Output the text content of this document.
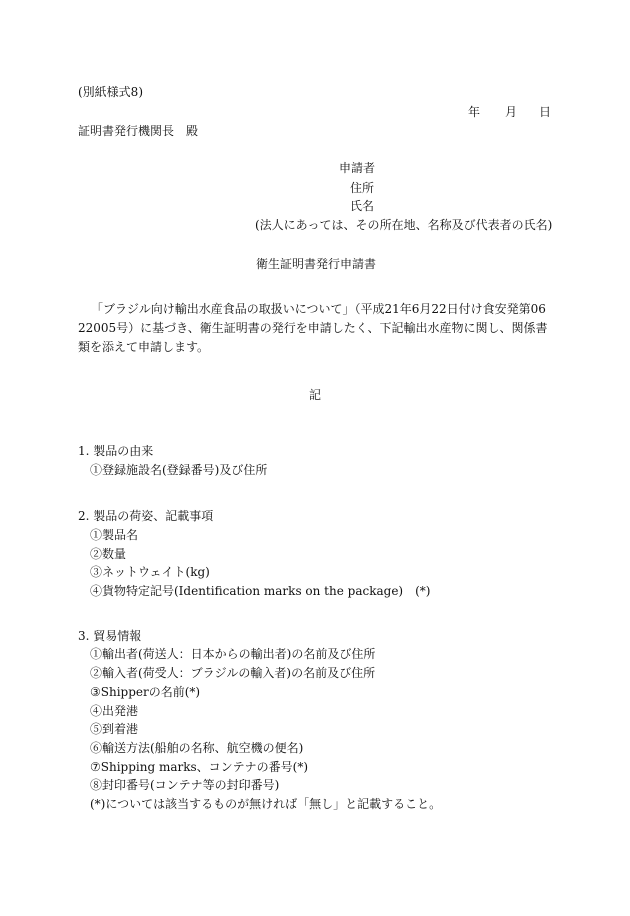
(別紙様式8)
年 月 日
証明書発行機関長　殿
申請者
住所
氏名
(法人にあっては、その所在地、名称及び代表者の氏名)
衛生証明書発行申請書
「ブラジル向け輸出水産食品の取扱いについて」（平成21年6月22日付け食安発第0622005号）に基づき、衛生証明書の発行を申請したく、下記輸出水産物に関し、関係書類を添えて申請します。
記
1. 製品の由来
①登録施設名(登録番号)及び住所
2. 製品の荷姿、記載事項
①製品名
②数量
③ネットウェイト(kg)
④貨物特定記号(Identification marks on the package)　(*)
3. 貿易情報
①輸出者(荷送人：日本からの輸出者)の名前及び住所
②輸入者(荷受人：ブラジルの輸入者)の名前及び住所
③Shipperの名前(*)
④出発港
⑤到着港
⑥輸送方法(船舶の名称、航空機の便名)
⑦Shipping marks、コンテナの番号(*)
⑧封印番号(コンテナ等の封印番号)
(*)については該当するものが無ければ「無し」と記載すること。
